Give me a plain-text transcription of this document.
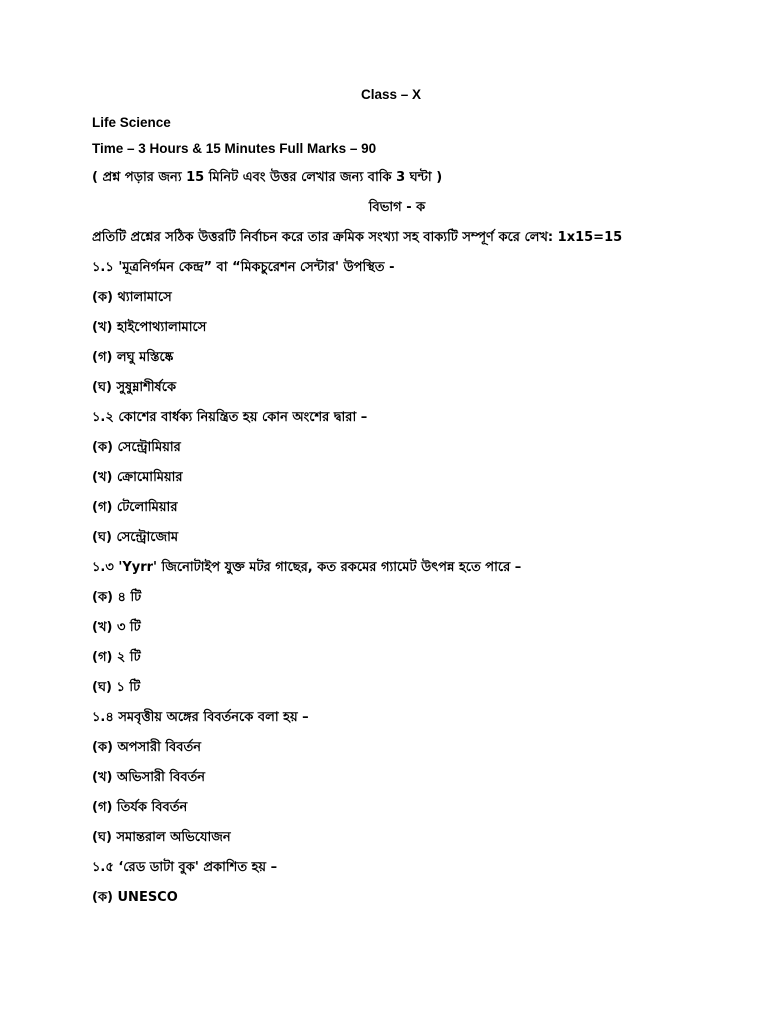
Class – X
Life Science
Time – 3 Hours & 15 Minutes Full Marks – 90
( প্রশ্ন পড়ার জন্য 15 মিনিট এবং উত্তর লেখার জন্য বাকি 3 ঘন্টা )
বিভাগ - ক
প্রতিটি প্রশ্নের সঠিক উত্তরটি নির্বাচন করে তার ক্রমিক সংখ্যা সহ বাক্যটি সম্পূর্ণ করে লেখ: 1x15=15
১.১ 'মূত্রনির্গমন কেন্দ্র” বা “মিকচুরেশন সেন্টার' উপস্থিত -
(ক) থ্যালামাসে
(খ) হাইপোথ্যালামাসে
(গ) লঘু মস্তিষ্কে
(ঘ) সুষুম্নাশীর্ষকে
১.২ কোশের বার্ধক্য নিয়ন্ত্রিত হয় কোন অংশের দ্বারা –
(ক) সেন্ট্রোমিয়ার
(খ) ক্রোমোমিয়ার
(গ) টেলোমিয়ার
(ঘ) সেন্ট্রোজোম
১.৩ 'Yyrr' জিনোটাইপ যুক্ত মটর গাছের, কত রকমের গ্যামেট উৎপন্ন হতে পারে –
(ক) ৪ টি
(খ) ৩ টি
(গ) ২ টি
(ঘ) ১ টি
১.৪ সমবৃত্তীয় অঙ্গের বিবর্তনকে বলা হয় –
(ক) অপসারী বিবর্তন
(খ) অভিসারী বিবর্তন
(গ) তির্যক বিবর্তন
(ঘ) সমান্তরাল অভিযোজন
১.৫ ‘রেড ডাটা বুক' প্রকাশিত হয় –
(ক) UNESCO
